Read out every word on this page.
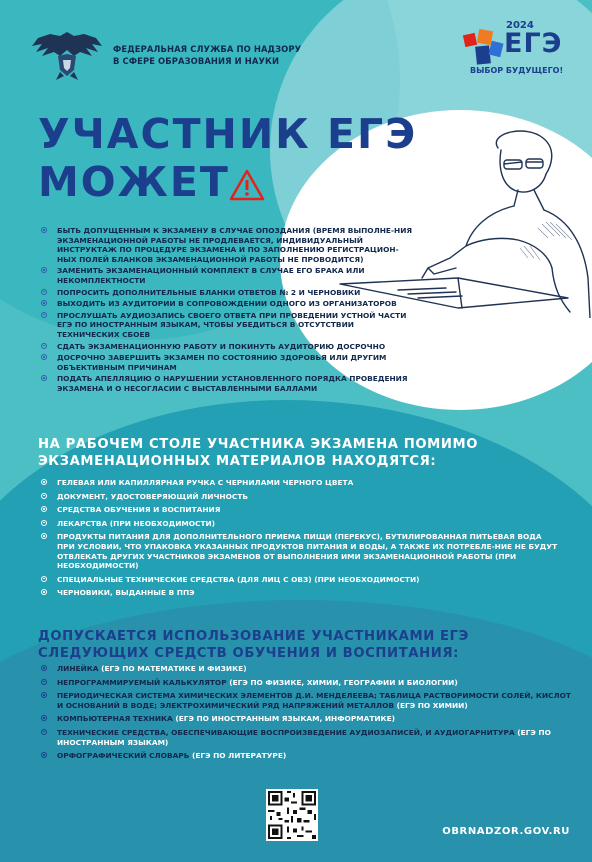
ФЕДЕРАЛЬНАЯ СЛУЖБА ПО НАДЗОРУ
В СФЕРЕ ОБРАЗОВАНИЯ И НАУКИ
2024
ЕГЭ
ВЫБОР БУДУЩЕГО!
УЧАСТНИК ЕГЭ
МОЖЕТ
БЫТЬ ДОПУЩЕННЫМ К ЭКЗАМЕНУ В СЛУЧАЕ ОПОЗДАНИЯ (ВРЕМЯ ВЫПОЛНЕ-НИЯ ЭКЗАМЕНАЦИОННОЙ РАБОТЫ НЕ ПРОДЛЕВАЕТСЯ, ИНДИВИДУАЛЬНЫЙ ИНСТРУКТАЖ ПО ПРОЦЕДУРЕ ЭКЗАМЕНА И ПО ЗАПОЛНЕНИЮ РЕГИСТРАЦИОН-НЫХ ПОЛЕЙ БЛАНКОВ ЭКЗАМЕНАЦИОННОЙ РАБОТЫ НЕ ПРОВОДИТСЯ)
ЗАМЕНИТЬ ЭКЗАМЕНАЦИОННЫЙ КОМПЛЕКТ В СЛУЧАЕ ЕГО БРАКА ИЛИ НЕКОМПЛЕКТНОСТИ
ПОПРОСИТЬ ДОПОЛНИТЕЛЬНЫЕ БЛАНКИ ОТВЕТОВ № 2 И ЧЕРНОВИКИ
ВЫХОДИТЬ ИЗ АУДИТОРИИ В СОПРОВОЖДЕНИИ ОДНОГО ИЗ ОРГАНИЗАТОРОВ
ПРОСЛУШАТЬ АУДИОЗАПИСЬ СВОЕГО ОТВЕТА ПРИ ПРОВЕДЕНИИ УСТНОЙ ЧАСТИ ЕГЭ ПО ИНОСТРАННЫМ ЯЗЫКАМ, ЧТОБЫ УБЕДИТЬСЯ В ОТСУТСТВИИ ТЕХНИЧЕСКИХ СБОЕВ
СДАТЬ ЭКЗАМЕНАЦИОННУЮ РАБОТУ И ПОКИНУТЬ АУДИТОРИЮ ДОСРОЧНО
ДОСРОЧНО ЗАВЕРШИТЬ ЭКЗАМЕН ПО СОСТОЯНИЮ ЗДОРОВЬЯ ИЛИ ДРУГИМ ОБЪЕКТИВНЫМ ПРИЧИНАМ
ПОДАТЬ АПЕЛЛЯЦИЮ О НАРУШЕНИИ УСТАНОВЛЕННОГО ПОРЯДКА ПРОВЕДЕНИЯ ЭКЗАМЕНА И О НЕСОГЛАСИИ С ВЫСТАВЛЕННЫМИ БАЛЛАМИ
НА РАБОЧЕМ СТОЛЕ УЧАСТНИКА ЭКЗАМЕНА ПОМИМО ЭКЗАМЕНАЦИОННЫХ МАТЕРИАЛОВ НАХОДЯТСЯ:
ГЕЛЕВАЯ ИЛИ КАПИЛЛЯРНАЯ РУЧКА С ЧЕРНИЛАМИ ЧЕРНОГО ЦВЕТА
ДОКУМЕНТ, УДОСТОВЕРЯЮЩИЙ ЛИЧНОСТЬ
СРЕДСТВА ОБУЧЕНИЯ И ВОСПИТАНИЯ
ЛЕКАРСТВА (ПРИ НЕОБХОДИМОСТИ)
ПРОДУКТЫ ПИТАНИЯ ДЛЯ ДОПОЛНИТЕЛЬНОГО ПРИЕМА ПИЩИ (ПЕРЕКУС), БУТИЛИРОВАННАЯ ПИТЬЕВАЯ ВОДА ПРИ УСЛОВИИ, ЧТО УПАКОВКА УКАЗАННЫХ ПРОДУКТОВ ПИТАНИЯ И ВОДЫ, А ТАКЖЕ ИХ ПОТРЕБЛЕ-НИЕ НЕ БУДУТ ОТВЛЕКАТЬ ДРУГИХ УЧАСТНИКОВ ЭКЗАМЕНОВ ОТ ВЫПОЛНЕНИЯ ИМИ ЭКЗАМЕНАЦИОННОЙ РАБОТЫ (ПРИ НЕОБХОДИМОСТИ)
СПЕЦИАЛЬНЫЕ ТЕХНИЧЕСКИЕ СРЕДСТВА (ДЛЯ ЛИЦ С ОВЗ) (ПРИ НЕОБХОДИМОСТИ)
ЧЕРНОВИКИ, ВЫДАННЫЕ В ППЭ
ДОПУСКАЕТСЯ ИСПОЛЬЗОВАНИЕ УЧАСТНИКАМИ ЕГЭ СЛЕДУЮЩИХ СРЕДСТВ ОБУЧЕНИЯ И ВОСПИТАНИЯ:
ЛИНЕЙКА (ЕГЭ ПО МАТЕМАТИКЕ И ФИЗИКЕ)
НЕПРОГРАММИРУЕМЫЙ КАЛЬКУЛЯТОР (ЕГЭ ПО ФИЗИКЕ, ХИМИИ, ГЕОГРАФИИ И БИОЛОГИИ)
ПЕРИОДИЧЕСКАЯ СИСТЕМА ХИМИЧЕСКИХ ЭЛЕМЕНТОВ Д.И. МЕНДЕЛЕЕВА; ТАБЛИЦА РАСТВОРИМОСТИ СОЛЕЙ, КИСЛОТ И ОСНОВАНИЙ В ВОДЕ; ЭЛЕКТРОХИМИЧЕСКИЙ РЯД НАПРЯЖЕНИЙ МЕТАЛЛОВ (ЕГЭ ПО ХИМИИ)
КОМПЬЮТЕРНАЯ ТЕХНИКА (ЕГЭ ПО ИНОСТРАННЫМ ЯЗЫКАМ, ИНФОРМАТИКЕ)
ТЕХНИЧЕСКИЕ СРЕДСТВА, ОБЕСПЕЧИВАЮЩИЕ ВОСПРОИЗВЕДЕНИЕ АУДИОЗАПИСЕЙ, И АУДИОГАРНИТУРА (ЕГЭ ПО ИНОСТРАННЫМ ЯЗЫКАМ)
ОРФОГРАФИЧЕСКИЙ СЛОВАРЬ (ЕГЭ ПО ЛИТЕРАТУРЕ)
OBRNADZOR.GOV.RU
